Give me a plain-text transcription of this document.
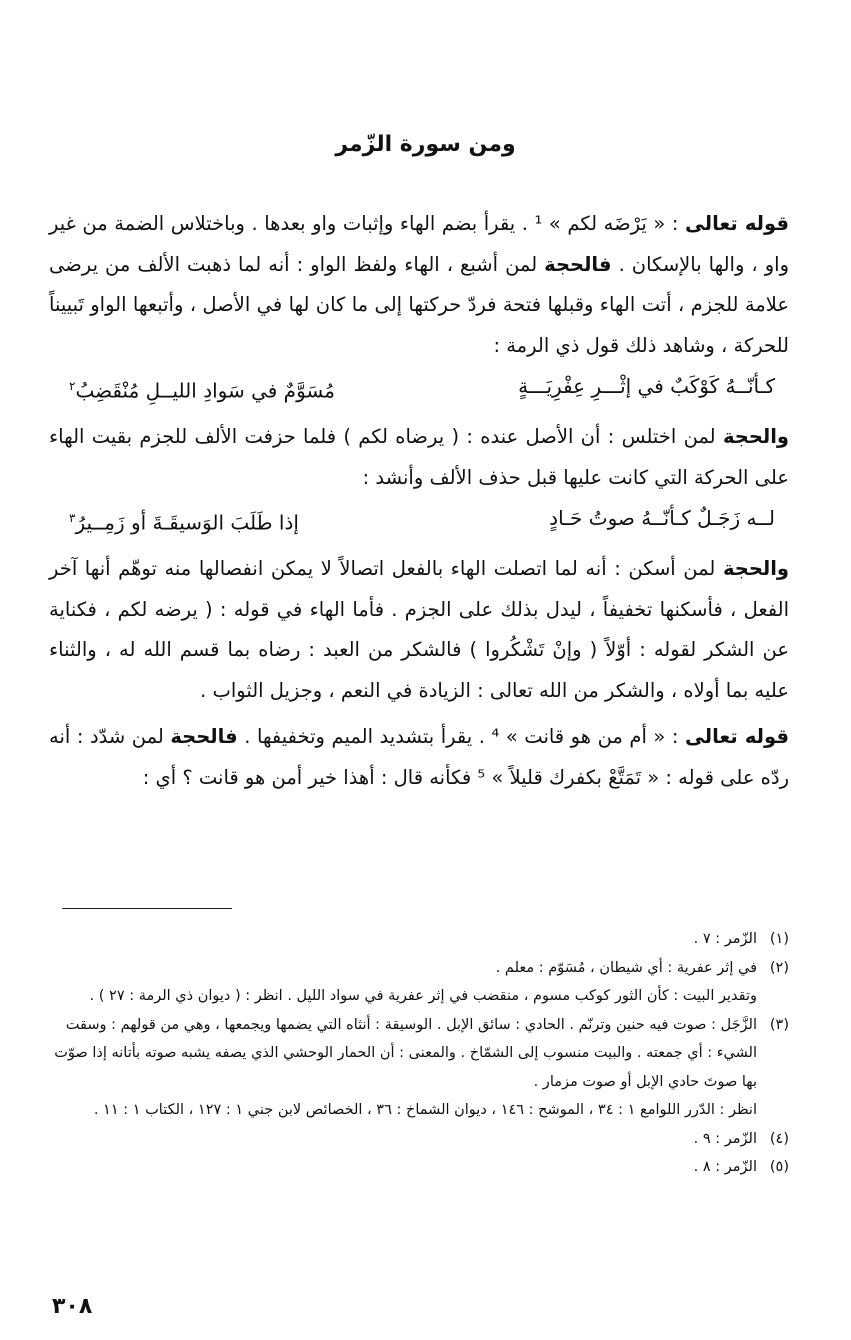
ومن سورة الزّمر

قوله تعالى : « يَرْضَه لكم » ¹ . يقرأ بضم الهاء وإثبات واو بعدها . وباختلاس الضمة من غير واو ، والها بالإسكان . فالحجة لمن أشبع ، الهاء ولفظ الواو : أنه لما ذهبت الألف من يرضى علامة للجزم ، أتت الهاء وقبلها فتحة فردّ حركتها إلى ما كان لها في الأصل ، وأتبعها الواو تَبييناً للحركة ، وشاهد ذلك قول ذي الرمة :

كـأنّــهُ كَوْكَبٌ في إثْـــرِ عِفْرِيَـــةٍ
مُسَوَّمٌ في سَوادِ الليــلِ مُنْقَضِبُ$^٢$

والحجة لمن اختلس : أن الأصل عنده : ( يرضاه لكم ) فلما حزفت الألف للجزم بقيت الهاء على الحركة التي كانت عليها قبل حذف الألف وأنشد :

لــه زَجَـلٌ كـأنّــهُ صوتُ حَـادٍ
إذا طَلَبَ الوَسيقَـةَ أو زَمِــيرُ$^٣$

والحجة لمن أسكن : أنه لما اتصلت الهاء بالفعل اتصالاً لا يمكن انفصالها منه توهّم أنها آخر الفعل ، فأسكنها تخفيفاً ، ليدل بذلك على الجزم . فأما الهاء في قوله : ( يرضه لكم ، فكناية عن الشكر لقوله : أوّلاً ( وإنْ تَشْكُروا ) فالشكر من العبد : رضاه بما قسم الله له ، والثناء عليه بما أولاه ، والشكر من الله تعالى : الزيادة في النعم ، وجزيل الثواب .

قوله تعالى : « أم من هو قانت » ⁴ . يقرأ بتشديد الميم وتخفيفها . فالحجة لمن شدّد : أنه ردّه على قوله : « تَمَتَّعْ بكفرك قليلاً » ⁵ فكأنه قال : أهذا خير أمن هو قانت ؟ أي :

(١)
الزّمر : ٧ .
(٢)
في إثر عفرية : أي شيطان ، مُسَوّم : معلم .
وتقدير البيت : كأن الثور كوكب مسوم ، منقضب في إثر عفرية في سواد الليل . انظر : ( ديوان ذي الرمة : ٢٧ ) .
(٣)
الزَّجَل : صوت فيه حنين وترنّم . الحادي : سائق الإبل . الوسيقة : أنثاه التي يضمها ويجمعها ، وهي من قولهم : وسقت الشيء : أي جمعته . والبيت منسوب إلى الشمّاخ . والمعنى : أن الحمار الوحشي الذي يصفه يشبه صوته بأتانه إذا صوّت بها صوتَ حادي الإبل أو صوت مزمار .
انظر : الدّرر اللوامع ١ : ٣٤ ، الموشح : ١٤٦ ، ديوان الشماخ : ٣٦ ، الخصائص لابن جني ١ : ١٢٧ ، الكتاب ١ : ١١ .
(٤)
الزّمر : ٩ .
(٥)
الزّمر : ٨ .
٣٠٨
